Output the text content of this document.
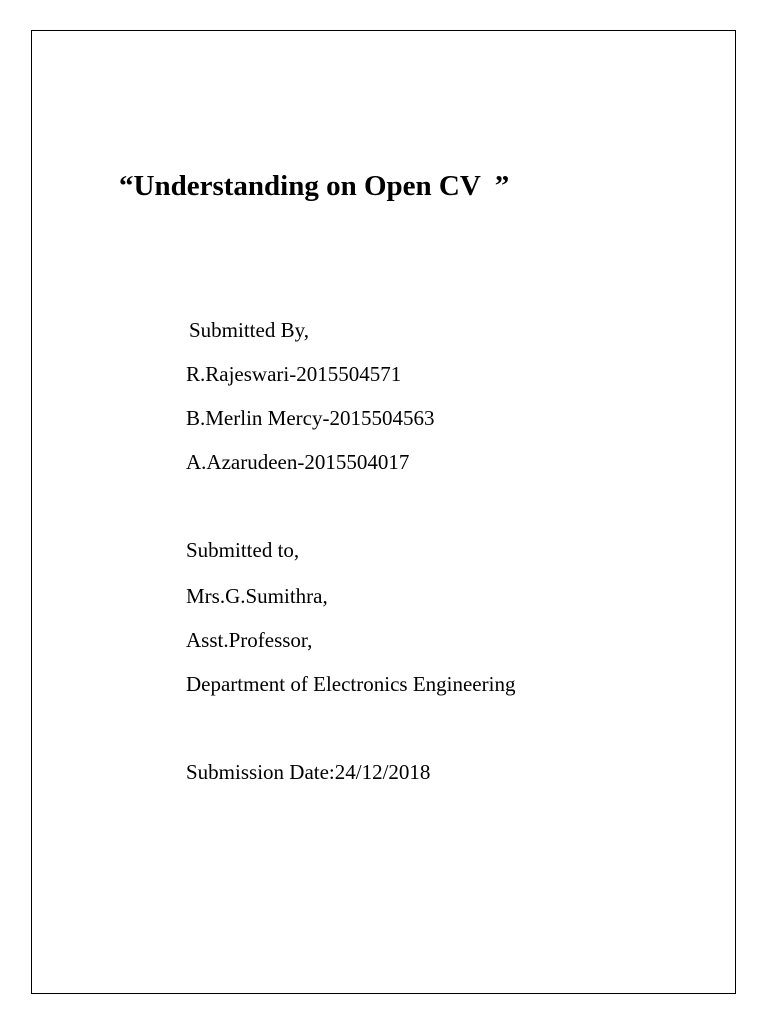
“Understanding on Open CV  ”

Submitted By,

R.Rajeswari-2015504571

B.Merlin Mercy-2015504563

A.Azarudeen-2015504017

Submitted to,

Mrs.G.Sumithra,

Asst.Professor,

Department of Electronics Engineering

Submission Date:24/12/2018
